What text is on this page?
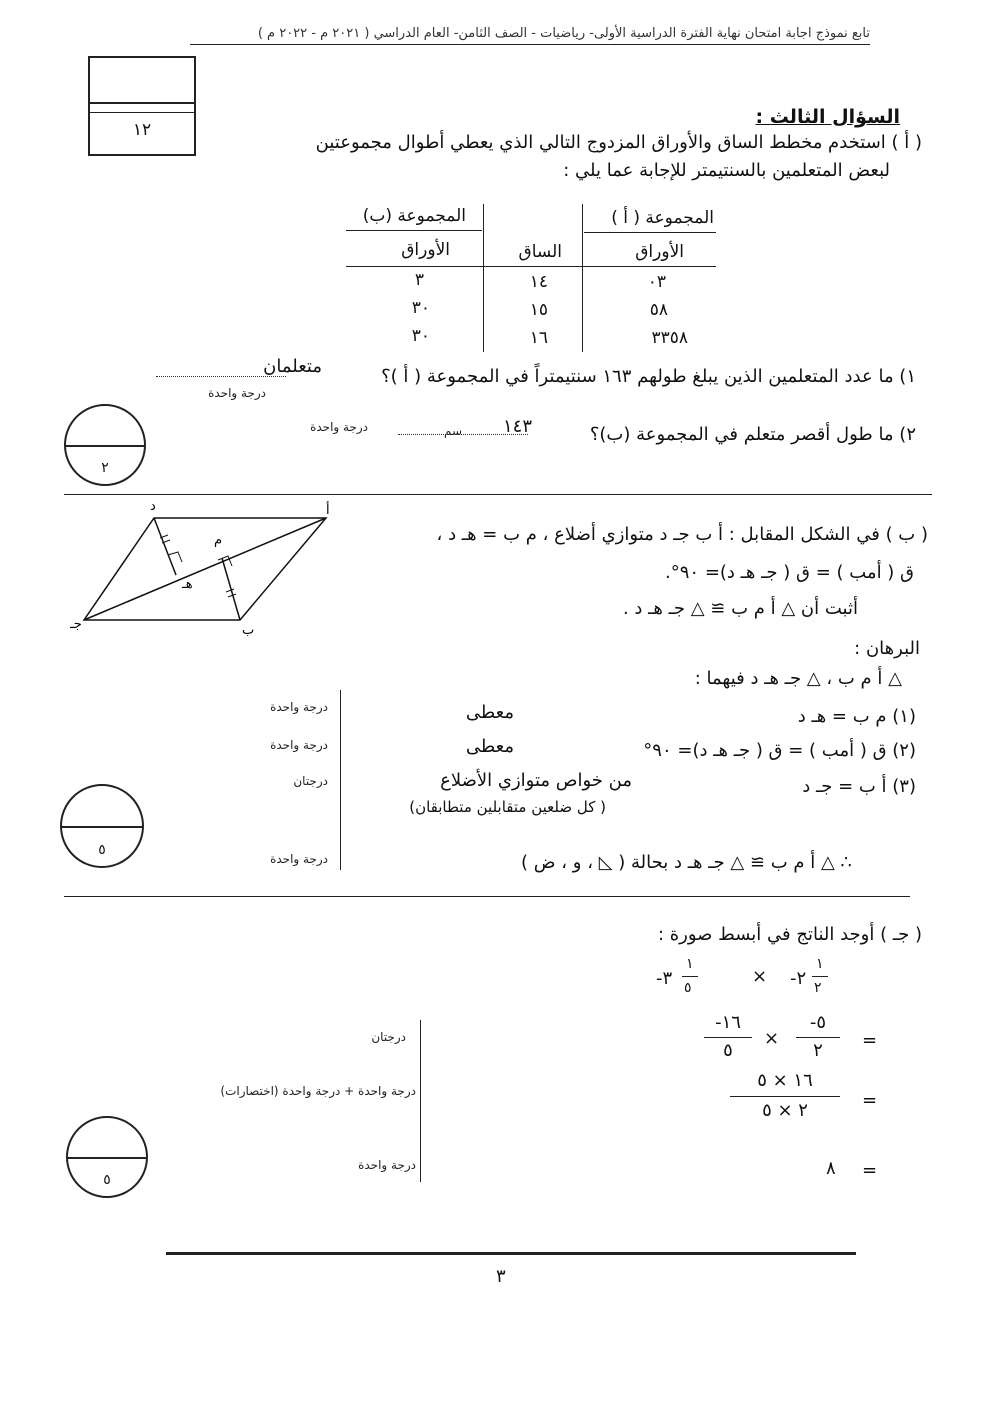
تابع نموذج اجابة امتحان نهاية الفترة الدراسية الأولى- رياضيات - الصف الثامن- العام الدراسي ( ٢٠٢١ م - ٢٠٢٢ م )
١٢
السؤال الثالث :
( أ ) استخدم مخطط الساق والأوراق المزدوج التالي الذي يعطي أطوال مجموعتين
لبعض المتعلمين بالسنتيمتر للإجابة عما يلي :
المجموعة ( أ )
المجموعة (ب)
الأوراق
الساق
الأوراق
٠٣
١٤
٣
٥٨
١٥
٣٠
٣٣٥٨
١٦
٣٠
١) ما عدد المتعلمين الذين يبلغ طولهم ١٦٣ سنتيمتراً في المجموعة ( أ )؟
متعلمان
درجة واحدة
٢) ما طول أقصر متعلم في المجموعة (ب)؟
١٤٣
سم
درجة واحدة
٢
أ
ب
جـ
د
م
هـ
( ب ) في الشكل المقابل : أ ب جـ د متوازي أضلاع ، م ب = هـ د ،
ق ( أمب ) = ق ( جـ هـ د)= ٩٠°.
أثبت أن △ أ م ب ≅ △ جـ هـ د .
البرهان :
△ أ م ب ، △ جـ هـ د فيهما :
(١) م ب = هـ د
معطى
درجة واحدة
(٢) ق ( أمب ) = ق ( جـ هـ د)= ٩٠°
معطى
درجة واحدة
(٣) أ ب = جـ د
من خواص متوازي الأضلاع
( كل ضلعين متقابلين متطابقان)
درجتان
∴ △ أ م ب ≅ △ جـ هـ د بحالة ( ◺ ، و ، ض )
درجة واحدة
٥
( جـ ) أوجد الناتج في أبسط صورة :
-٢
١
٢
×
-٣
١
٥
=
-٥
٢
×
-١٦
٥
درجتان
=
١٦ × ٥
٢ × ٥
درجة واحدة + درجة واحدة (اختصارات)
=
٨
درجة واحدة
٥
٣
